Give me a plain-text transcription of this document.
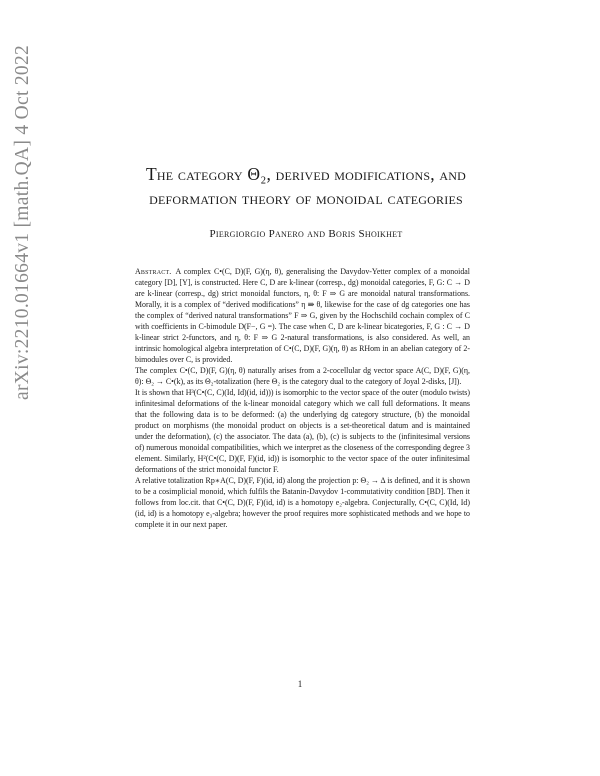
arXiv:2210.01664v1 [math.QA] 4 Oct 2022	The category Θ₂, derived modifications, and
deformation theory of monoidal categories
Piergiorgio Panero and Boris Shoikhet

Abstract. A complex C•(C, D)(F, G)(η, θ), generalising the Davydov-Yetter complex of a monoidal category [D], [Y], is constructed. Here C, D are k-linear (corresp., dg) monoidal categories, F, G: C → D are k-linear (corresp., dg) strict monoidal functors, η, θ: F ⇒ G are monoidal natural transformations. Morally, it is a complex of “derived modifications” η ⇛ θ, likewise for the case of dg categories one has the complex of “derived natural transformations” F ⇒ G, given by the Hochschild cochain complex of C with coefficients in C-bimodule D(F−, G =). The case when C, D are k-linear bicategories, F, G : C → D k-linear strict 2-functors, and η, θ: F ⇒ G 2-natural transformations, is also considered. As well, an intrinsic homological algebra interpretation of C•(C, D)(F, G)(η, θ) as RHom in an abelian category of 2-bimodules over C, is provided.

The complex C•(C, D)(F, G)(η, θ) naturally arises from a 2-cocellular dg vector space A(C, D)(F, G)(η, θ): Θ₂ → C•(k), as its Θ₂-totalization (here Θ₂ is the category dual to the category of Joyal 2-disks, [J]).

It is shown that H³(C•(C, C)(Id, Id)(id, id))) is isomorphic to the vector space of the outer (modulo twists) infinitesimal deformations of the k-linear monoidal category which we call full deformations. It means that the following data is to be deformed: (a) the underlying dg category structure, (b) the monoidal product on morphisms (the monoidal product on objects is a set-theoretical datum and is maintained under the deformation), (c) the associator. The data (a), (b), (c) is subjects to the (infinitesimal versions of) numerous monoidal compatibilities, which we interpret as the closeness of the corresponding degree 3 element. Similarly, H²(C•(C, D)(F, F)(id, id)) is isomorphic to the vector space of the outer infinitesimal deformations of the strict monoidal functor F.

A relative totalization Rp∗A(C, D)(F, F)(id, id) along the projection p: Θ₂ → Δ is defined, and it is shown to be a cosimplicial monoid, which fulfils the Batanin-Davydov 1-commutativity condition [BD]. Then it follows from loc.cit. that C•(C, D)(F, F)(id, id) is a homotopy e₂-algebra. Conjecturally, C•(C, C)(Id, Id)(id, id) is a homotopy e₃-algebra; however the proof requires more sophisticated methods and we hope to complete it in our next paper.

1
